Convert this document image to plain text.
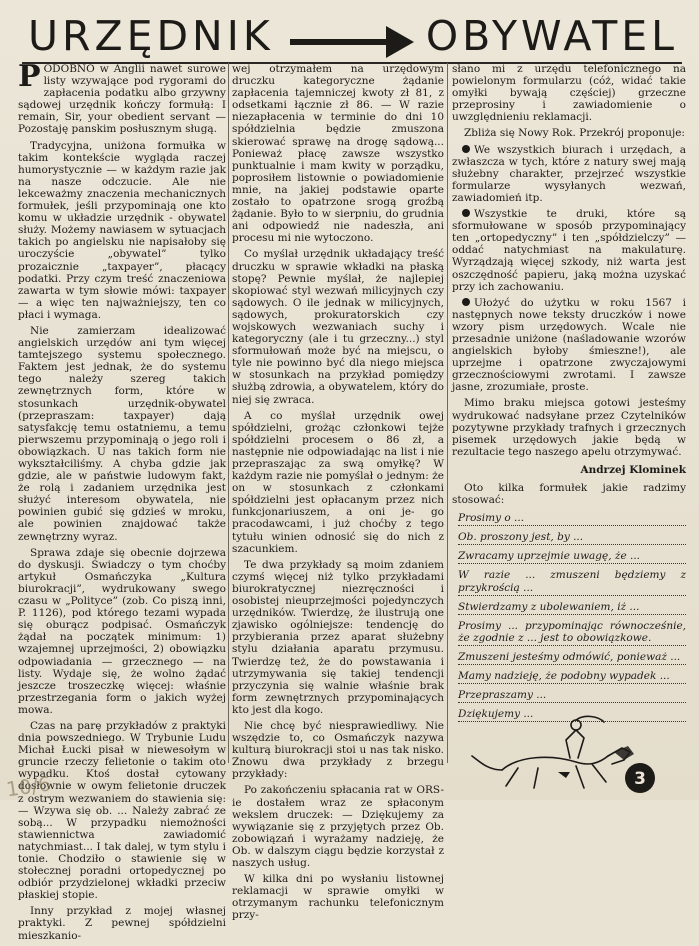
URZĘDNIK	OBYWATEL

PODOBNO w Anglii nawet surowe listy wzywające pod rygorami do zapłacenia podatku albo grzywny sądowej urzędnik kończy formułą: I remain, Sir, your obedient servant — Pozostaję panskim posłusznym sługą.

Tradycyjna, uniżona formułka w takim kontekście wygląda raczej humorystycznie — w każdym razie jak na nasze odczucie. Ale nie lekceważmy znaczenia mechanicznych formułek, jeśli przypominają one kto komu w układzie urzędnik - obywatel służy. Możemy nawiasem w sytuacjach takich po angielsku nie napisałoby się uroczyście „obywatel” tylko prozaicznie „taxpayer”, płacący podatki. Przy czym treść znaczeniowa zawarta w tym słowie mówi: taxpayer — a więc ten najważniejszy, ten co płaci i wymaga.

Nie zamierzam idealizować angielskich urzędów ani tym więcej tamtejszego systemu społecznego. Faktem jest jednak, że do systemu tego należy szereg takich zewnętrznych form, które w stosunkach urzędnik-obywatel (przepraszam: taxpayer) dają satysfakcję temu ostatniemu, a temu pierwszemu przypominają o jego roli i obowiązkach. U nas takich form nie wykształciliśmy. A chyba gdzie jak gdzie, ale w państwie ludowym fakt, że rolą i zadaniem urzędnika jest służyć interesom obywatela, nie powinien gubić się gdzieś w mroku, ale powinien znajdować także zewnętrzny wyraz.

Sprawa zdaje się obecnie dojrzewa do dyskusji. Świadczy o tym choćby artykuł Osmańczyka „Kultura biurokracji”, wydrukowany swego czasu w „Polityce” (zob. Co piszą inni, P. 1126), pod którego tezami wypada się oburącz podpisać. Osmańczyk żądał na początek minimum: 1) wzajemnej uprzejmości, 2) obowiązku odpowiadania — grzecznego — na listy. Wydaje się, że wolno żądać jeszcze troszeczkę więcej: właśnie przestrzegania form o jakich wyżej mowa.

Czas na parę przykładów z praktyki dnia powszedniego. W Trybunie Ludu Michał Łucki pisał w niewesołym w gruncie rzeczy felietonie o takim oto wypadku. Ktoś dostał cytowany dosłownie w owym felietonie druczek z ostrym wezwaniem do stawienia się: — Wzywa się ob. ... Należy zabrać ze sobą... W przypadku niemożności stawiennictwa zawiadomić natychmiast... I tak dalej, w tym stylu i tonie. Chodziło o stawienie się w stołecznej poradni ortopedycznej po odbiór przydzielonej wkładki przeciw płaskiej stopie.

Inny przykład z mojej własnej praktyki. Z pewnej spółdzielni mieszkanio-

wej otrzymałem na urzędowym druczku kategoryczne żądanie zapłacenia tajemniczej kwoty zł 81, z odsetkami łącznie zł 86. — W razie niezapłacenia w terminie do dni 10 spółdzielnia będzie zmuszona skierować sprawę na drogę sądową... Ponieważ płacę zawsze wszystko punktualnie i mam kwity w porządku, poprosiłem listownie o powiadomienie mnie, na jakiej podstawie oparte zostało to opatrzone srogą groźbą żądanie. Było to w sierpniu, do grudnia ani odpowiedź nie nadeszła, ani procesu mi nie wytoczono.

Co myślał urzędnik układający treść druczku w sprawie wkładki na płaską stopę? Pewnie myślał, że najlepiej skopiować styl wezwań milicyjnych czy sądowych. O ile jednak w milicyjnych, sądowych, prokuratorskich czy wojskowych wezwaniach suchy i kategoryczny (ale i tu grzeczny...) styl sformułowań może być na miejscu, o tyle nie powinno być dla niego miejsca w stosunkach na przykład pomiędzy służbą zdrowia, a obywatelem, który do niej się zwraca.

A co myślał urzędnik owej spółdzielni, grożąc członkowi tejże spółdzielni procesem o 86 zł, a następnie nie odpowiadając na list i nie przepraszając za swą omyłkę? W każdym razie nie pomyślał o jednym: że on w stosunkach z członkami spółdzielni jest opłacanym przez nich funkcjonariuszem, a oni je- go pracodawcami, i już choćby z tego tytułu winien odnosić się do nich z szacunkiem.

Te dwa przykłady są moim zdaniem czymś więcej niż tylko przykładami biurokratycznej niezręczności i osobistej nieuprzejmości pojedynczych urzędników. Twierdzę, że ilustrują one zjawisko ogólniejsze: tendencję do przybierania przez aparat służebny stylu działania aparatu przymusu. Twierdzę też, że do powstawania i utrzymywania się takiej tendencji przyczynia się walnie właśnie brak form zewnętrznych przypominających kto jest dla kogo.

Nie chcę być niesprawiedliwy. Nie wszędzie to, co Osmańczyk nazywa kulturą biurokracji stoi u nas tak nisko. Znowu dwa przykłady z brzegu przykłady:

Po zakończeniu spłacania rat w ORS-ie dostałem wraz ze spłaconym wekslem druczek: — Dziękujemy za wywiązanie się z przyjętych przez Ob. zobowiązań i wyrażamy nadzieję, że Ob. w dalszym ciągu będzie korzystał z naszych usług.

W kilka dni po wysłaniu listownej reklamacji w sprawie omyłki w otrzymanym rachunku telefonicznym przy-

słano mi z urzędu telefonicznego na powielonym formularzu (cóż, widać takie omyłki bywają częściej) grzeczne przeprosiny i zawiadomienie o uwzględnieniu reklamacji.

Zbliża się Nowy Rok. Przekrój proponuje:

We wszystkich biurach i urzędach, a zwłaszcza w tych, które z natury swej mają służebny charakter, przejrzeć wszystkie formularze wysyłanych wezwań, zawiadomień itp.

Wszystkie te druki, które są sformułowane w sposób przypominający ten „ortopedyczny” i ten „spółdzielczy” — oddać natychmiast na makulaturę. Wyrządzają więcej szkody, niż warta jest oszczędność papieru, jaką można uzyskać przy ich zachowaniu.

Ułożyć do użytku w roku 1567 i następnych nowe teksty druczków i nowe wzory pism urzędowych. Wcale nie przesadnie uniżone (naśladowanie wzorów angielskich byłoby śmieszne!), ale uprzejme i opatrzone zwyczajowymi grzecznościowymi zwrotami. I zawsze jasne, zrozumiałe, proste.

Mimo braku miejsca gotowi jesteśmy wydrukować nadsyłane przez Czytelników pozytywne przykłady trafnych i grzecznych pisemek urzędowych jakie będą w rezultacie tego naszego apelu otrzymywać.

Andrzej Klominek

Oto kilka formułek jakie radzimy stosować:

Prosimy o ...
Ob. proszony jest, by ...
Zwracamy uprzejmie uwagę, że ...
W razie ... zmuszeni będziemy z przykrością ...
Stwierdzamy z ubolewaniem, iż ...
Prosimy ... przypominając równocześnie, że zgodnie z ... jest to obowiązkowe.
Zmuszeni jesteśmy odmówić, ponieważ ...
Mamy nadzieję, że podobny wypadek ...
Przepraszamy ...
Dziękujemy ...
3
10/6
